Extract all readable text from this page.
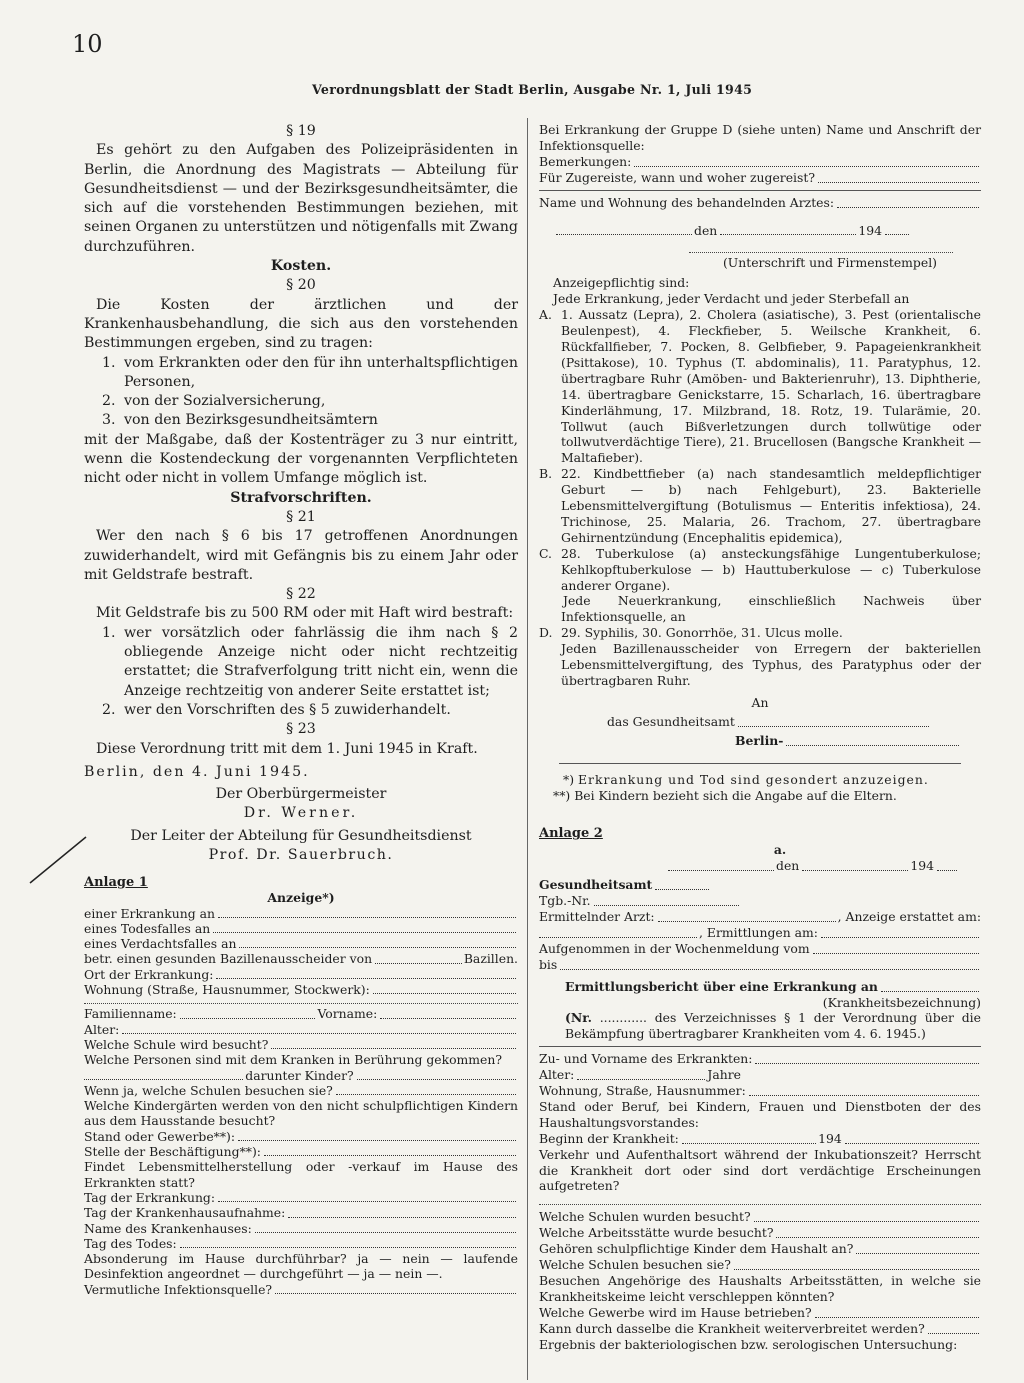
10
Verordnungsblatt der Stadt Berlin, Ausgabe Nr. 1, Juli 1945
§ 19
Es gehört zu den Aufgaben des Polizeipräsidenten in Berlin, die Anordnung des Magistrats — Abteilung für Gesundheitsdienst — und der Bezirksgesundheitsämter, die sich auf die vorstehenden Bestimmungen beziehen, mit seinen Organen zu unterstützen und nötigenfalls mit Zwang durchzuführen.
Kosten.
§ 20
Die Kosten der ärztlichen und der Krankenhausbehandlung, die sich aus den vorstehenden Bestimmungen ergeben, sind zu tragen:
1. vom Erkrankten oder den für ihn unterhaltspflichtigen Personen,
2. von der Sozialversicherung,
3. von den Bezirksgesundheitsämtern
mit der Maßgabe, daß der Kostenträger zu 3 nur eintritt, wenn die Kostendeckung der vorgenannten Verpflichteten nicht oder nicht in vollem Umfange möglich ist.
Strafvorschriften.
§ 21
Wer den nach § 6 bis 17 getroffenen Anordnungen zuwiderhandelt, wird mit Gefängnis bis zu einem Jahr oder mit Geldstrafe bestraft.
§ 22
Mit Geldstrafe bis zu 500 RM oder mit Haft wird bestraft:
1. wer vorsätzlich oder fahrlässig die ihm nach § 2 obliegende Anzeige nicht oder nicht rechtzeitig erstattet; die Strafverfolgung tritt nicht ein, wenn die Anzeige rechtzeitig von anderer Seite erstattet ist;
2. wer den Vorschriften des § 5 zuwiderhandelt.
§ 23
Diese Verordnung tritt mit dem 1. Juni 1945 in Kraft.
Berlin, den 4. Juni 1945.
Der Oberbürgermeister
Dr. Werner.
Der Leiter der Abteilung für Gesundheitsdienst
Prof. Dr. Sauerbruch.
Anlage 1
Anzeige*)
einer Erkrankung an
eines Todesfalles an
eines Verdachtsfalles an
betr. einen gesunden Bazillenausscheider von	Bazillen.
Ort der Erkrankung:
Wohnung (Straße, Hausnummer, Stockwerk):
Familienname:	Vorname:
Alter:
Welche Schule wird besucht?
Welche Personen sind mit dem Kranken in Berührung gekommen?
darunter Kinder?
Wenn ja, welche Schulen besuchen sie?
Welche Kindergärten werden von den nicht schulpflichtigen Kindern aus dem Hausstande besucht?
Stand oder Gewerbe**):
Stelle der Beschäftigung**):
Findet Lebensmittelherstellung oder -verkauf im Hause des Erkrankten statt?
Tag der Erkrankung:
Tag der Krankenhausaufnahme:
Name des Krankenhauses:
Tag des Todes:
Absonderung im Hause durchführbar? ja — nein — laufende Desinfektion angeordnet — durchgeführt — ja — nein —.
Vermutliche Infektionsquelle?
Bei Erkrankung der Gruppe D (siehe unten) Name und Anschrift der Infektionsquelle:
Bemerkungen:
Für Zugereiste, wann und woher zugereist?
Name und Wohnung des behandelnden Arztes:
den	194
(Unterschrift und Firmenstempel)
Anzeigepflichtig sind:
Jede Erkrankung, jeder Verdacht und jeder Sterbefall an
A. 1. Aussatz (Lepra), 2. Cholera (asiatische), 3. Pest (orientalische Beulenpest), 4. Fleckfieber, 5. Weilsche Krankheit, 6. Rückfallfieber, 7. Pocken, 8. Gelbfieber, 9. Papageienkrankheit (Psittakose), 10. Typhus (T. abdominalis), 11. Paratyphus, 12. übertragbare Ruhr (Amöben- und Bakterienruhr), 13. Diphtherie, 14. übertragbare Genickstarre, 15. Scharlach, 16. übertragbare Kinderlähmung, 17. Milzbrand, 18. Rotz, 19. Tularämie, 20. Tollwut (auch Bißverletzungen durch tollwütige oder tollwutverdächtige Tiere), 21. Brucellosen (Bangsche Krankheit — Maltafieber).
B. 22. Kindbettfieber (a) nach standesamtlich meldepflichtiger Geburt — b) nach Fehlgeburt), 23. Bakterielle Lebensmittelvergiftung (Botulismus — Enteritis infektiosa), 24. Trichinose, 25. Malaria, 26. Trachom, 27. übertragbare Gehirnentzündung (Encephalitis epidemica),
C. 28. Tuberkulose (a) ansteckungsfähige Lungentuberkulose; Kehlkopftuberkulose — b) Hauttuberkulose — c) Tuberkulose anderer Organe).
Jede Neuerkrankung, einschließlich Nachweis über Infektionsquelle, an
D. 29. Syphilis, 30. Gonorrhöe, 31. Ulcus molle.
Jeden Bazillenausscheider von Erregern der bakteriellen Lebensmittelvergiftung, des Typhus, des Paratyphus oder der übertragbaren Ruhr.
An
das Gesundheitsamt
Berlin-
*) Erkrankung und Tod sind gesondert anzuzeigen.
**) Bei Kindern bezieht sich die Angabe auf die Eltern.
Anlage 2
a.
den	194
Gesundheitsamt
Tgb.-Nr.
Ermittelnder Arzt:	, Anzeige erstattet am:
, Ermittlungen am:
Aufgenommen in der Wochenmeldung vom
bis
Ermittlungsbericht über eine Erkrankung an
(Krankheitsbezeichnung)
(Nr. ............ des Verzeichnisses § 1 der Verordnung über die Bekämpfung übertragbarer Krankheiten vom 4. 6. 1945.)
Zu- und Vorname des Erkrankten:
Alter:	Jahre
Wohnung, Straße, Hausnummer:
Stand oder Beruf, bei Kindern, Frauen und Dienstboten der des Haushaltungsvorstandes:
Beginn der Krankheit:	194
Verkehr und Aufenthaltsort während der Inkubationszeit? Herrscht die Krankheit dort oder sind dort verdächtige Erscheinungen aufgetreten?
Welche Schulen wurden besucht?
Welche Arbeitsstätte wurde besucht?
Gehören schulpflichtige Kinder dem Haushalt an?
Welche Schulen besuchen sie?
Besuchen Angehörige des Haushalts Arbeitsstätten, in welche sie Krankheitskeime leicht verschleppen könnten?
Welche Gewerbe wird im Hause betrieben?
Kann durch dasselbe die Krankheit weiterverbreitet werden?
Ergebnis der bakteriologischen bzw. serologischen Untersuchung:
